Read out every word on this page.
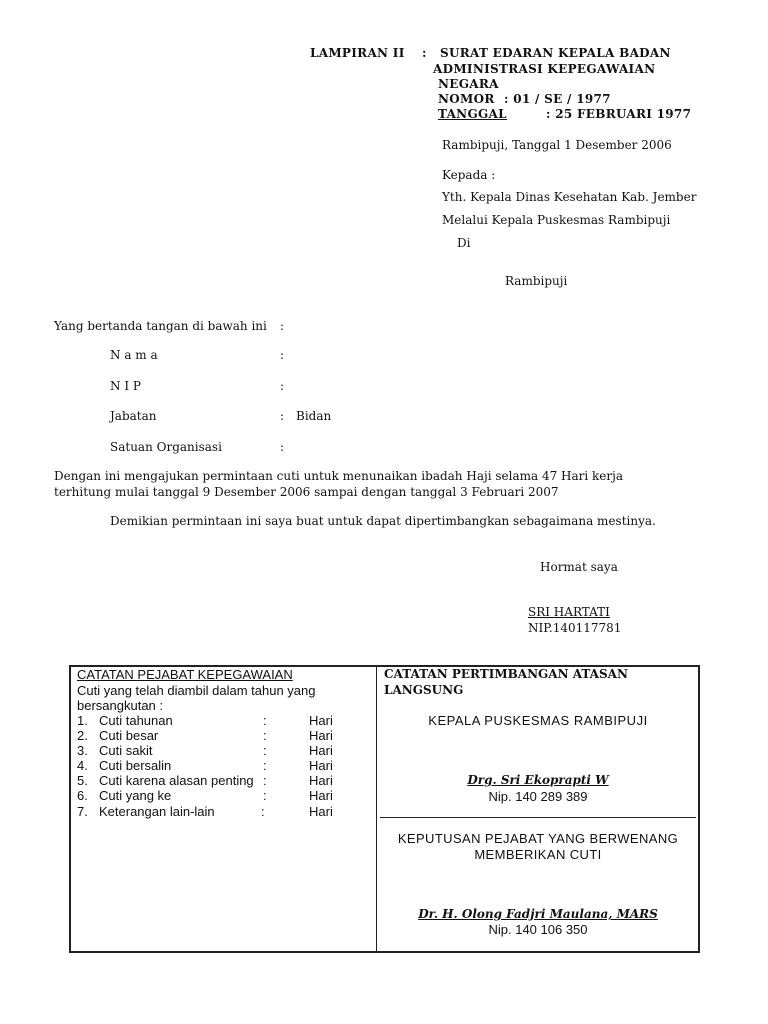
LAMPIRAN II : SURAT EDARAN KEPALA BADAN
ADMINISTRASI KEPEGAWAIAN
NEGARA
NOMOR : 01 / SE / 1977
TANGGAL	: 25 FEBRUARI 1977
Rambipuji, Tanggal 1 Desember 2006
Kepada :
Yth. Kepala Dinas Kesehatan Kab. Jember
Melalui Kepala Puskesmas Rambipuji
Di
Rambipuji
Yang bertanda tangan di bawah ini :
N a m a	:
N I P	:
Jabatan	: Bidan
Satuan Organisasi	:
Dengan ini mengajukan permintaan cuti untuk menunaikan ibadah Haji selama 47 Hari kerja
terhitung mulai tanggal 9 Desember 2006 sampai dengan tanggal 3 Februari 2007
Demikian permintaan ini saya buat untuk dapat dipertimbangkan sebagaimana mestinya.
Hormat saya
SRI HARTATI
NIP.140117781
CATATAN PEJABAT KEPEGAWAIAN
Cuti yang telah diambil dalam tahun yang
bersangkutan :
1. Cuti tahunan	:	Hari
2. Cuti besar	:	Hari
3. Cuti sakit	:	Hari
4. Cuti bersalin	:	Hari
5. Cuti karena alasan penting :	Hari
6. Cuti yang ke	:	Hari
7. Keterangan lain-lain	:	Hari
CATATAN PERTIMBANGAN ATASAN
LANGSUNG
KEPALA PUSKESMAS RAMBIPUJI
Drg. Sri Ekoprapti W
Nip. 140 289 389
KEPUTUSAN PEJABAT YANG BERWENANG
MEMBERIKAN CUTI
Dr. H. Olong Fadjri Maulana, MARS
Nip. 140 106 350
